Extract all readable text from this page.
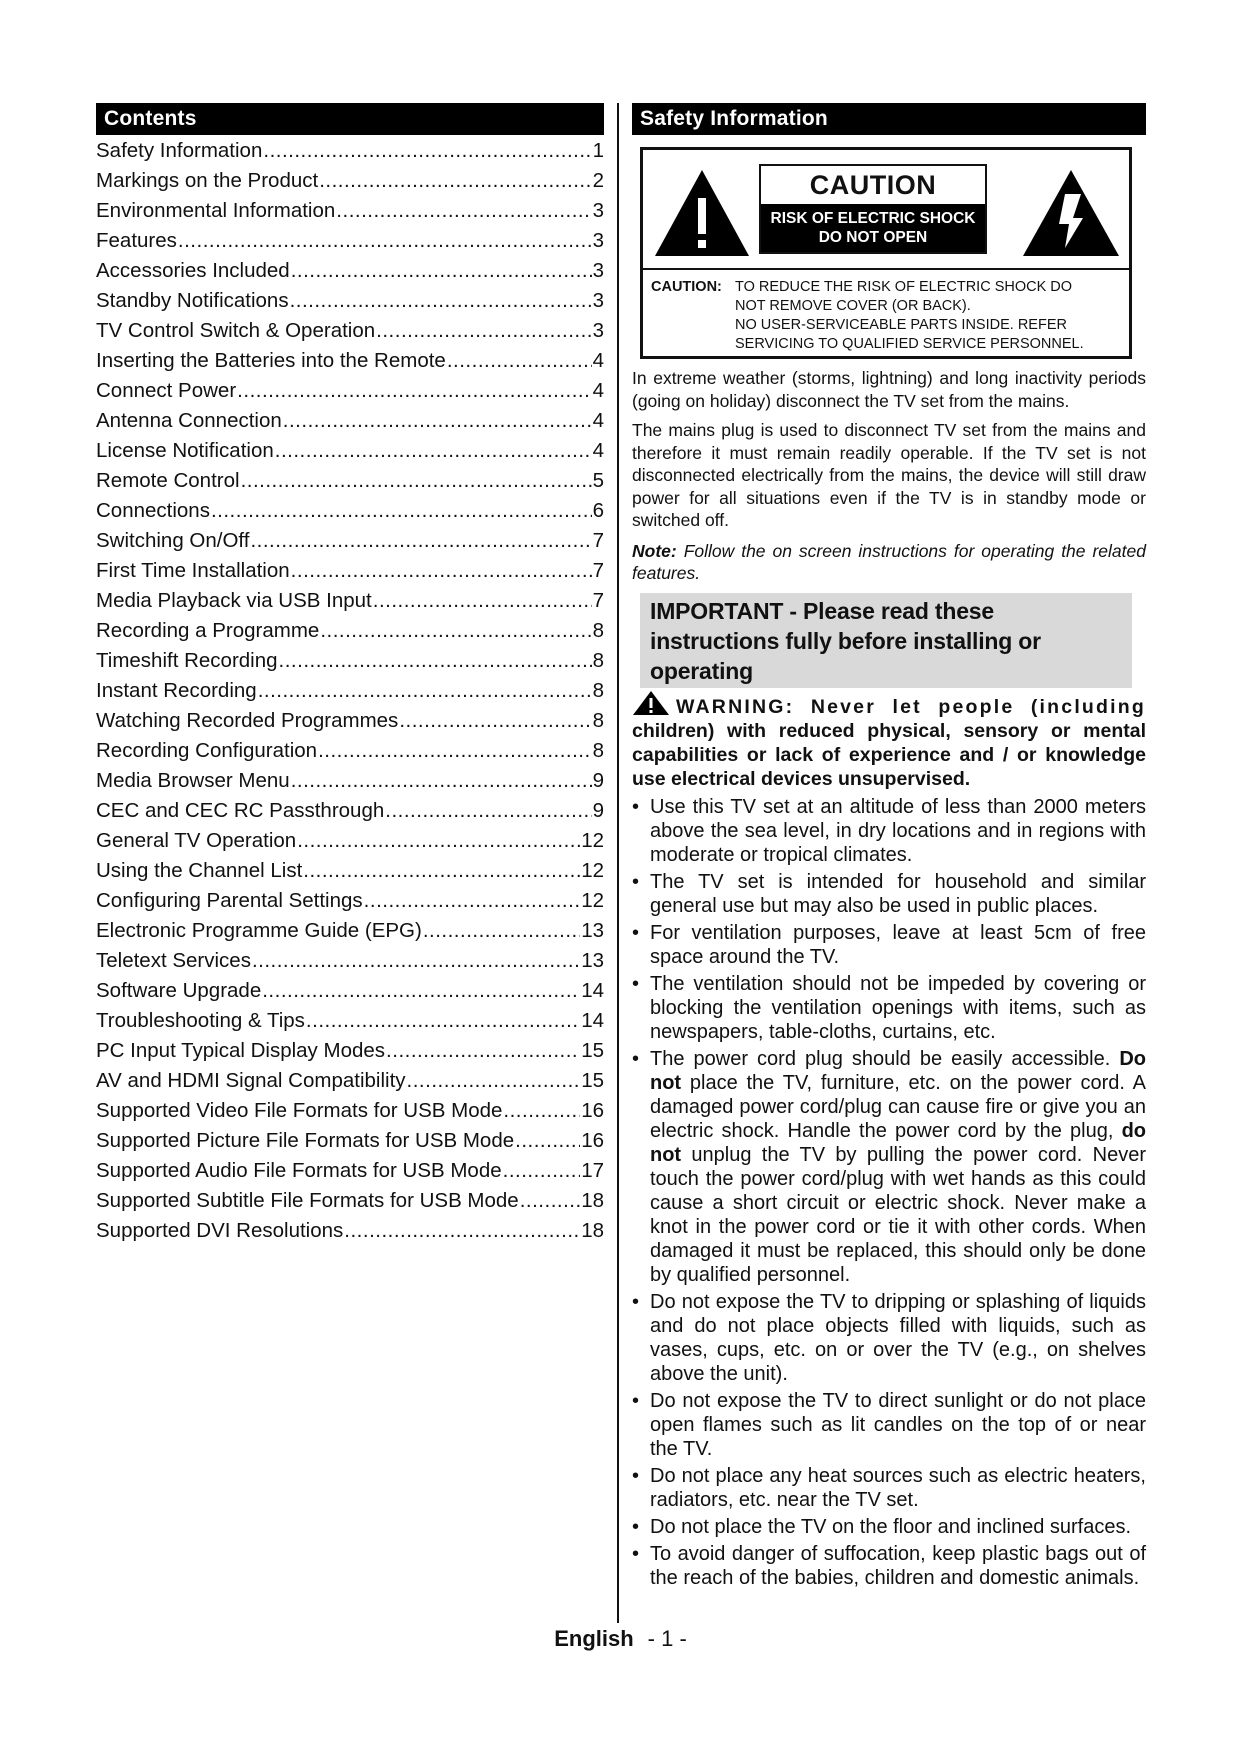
Contents
Safety Information .....	1
Markings on the Product .....	2
Environmental Information .....	3
Features .....	3
Accessories Included .....	3
Standby Notifications .....	3
TV Control Switch & Operation .....	3
Inserting the Batteries into the Remote .....	4
Connect Power .....	4
Antenna Connection .....	4
License Notification .....	4
Remote Control .....	5
Connections .....	6
Switching On/Off .....	7
First Time Installation .....	7
Media Playback via USB Input .....	7
Recording a Programme .....	8
Timeshift Recording .....	8
Instant Recording .....	8
Watching Recorded Programmes .....	8
Recording Configuration .....	8
Media Browser Menu .....	9
CEC and CEC RC Passthrough .....	9
General TV Operation .....	12
Using the Channel List .....	12
Configuring Parental Settings .....	12
Electronic Programme Guide (EPG) .....	13
Teletext Services .....	13
Software Upgrade .....	14
Troubleshooting & Tips .....	14
PC Input Typical Display Modes .....	15
AV and HDMI Signal Compatibility .....	15
Supported Video File Formats for USB Mode .....	16
Supported Picture File Formats for USB Mode .....	16
Supported Audio File Formats for USB Mode .....	17
Supported Subtitle File Formats for USB Mode .....	18
Supported DVI Resolutions .....	18
Safety Information
CAUTION
RISK OF ELECTRIC SHOCK
DO NOT OPEN
CAUTION: TO REDUCE THE RISK OF ELECTRIC SHOCK DO
NOT REMOVE COVER (OR BACK).
NO USER-SERVICEABLE PARTS INSIDE. REFER
SERVICING TO QUALIFIED SERVICE PERSONNEL.

In extreme weather (storms, lightning) and long inactivity periods (going on holiday) disconnect the TV set from the mains.

The mains plug is used to disconnect TV set from the mains and therefore it must remain readily operable. If the TV set is not disconnected electrically from the mains, the device will still draw power for all situations even if the TV is in standby mode or switched off.

Note: Follow the on screen instructions for operating the related features.

IMPORTANT - Please read these instructions fully before installing or operating
WARNING: Never let people (including children) with reduced physical, sensory or mental capabilities or lack of experience and / or knowledge use electrical devices unsupervised.
• Use this TV set at an altitude of less than 2000 meters above the sea level, in dry locations and in regions with moderate or tropical climates.
• The TV set is intended for household and similar general use but may also be used in public places.
• For ventilation purposes, leave at least 5cm of free space around the TV.
• The ventilation should not be impeded by covering or blocking the ventilation openings with items, such as newspapers, table-cloths, curtains, etc.
• The power cord plug should be easily accessible. Do not place the TV, furniture, etc. on the power cord. A damaged power cord/plug can cause fire or give you an electric shock. Handle the power cord by the plug, do not unplug the TV by pulling the power cord. Never touch the power cord/plug with wet hands as this could cause a short circuit or electric shock. Never make a knot in the power cord or tie it with other cords. When damaged it must be replaced, this should only be done by qualified personnel.
• Do not expose the TV to dripping or splashing of liquids and do not place objects filled with liquids, such as vases, cups, etc. on or over the TV (e.g., on shelves above the unit).
• Do not expose the TV to direct sunlight or do not place open flames such as lit candles on the top of or near the TV.
• Do not place any heat sources such as electric heaters, radiators, etc. near the TV set.
• Do not place the TV on the floor and inclined surfaces.
• To avoid danger of suffocation, keep plastic bags out of the reach of the babies, children and domestic animals.
English - 1 -
